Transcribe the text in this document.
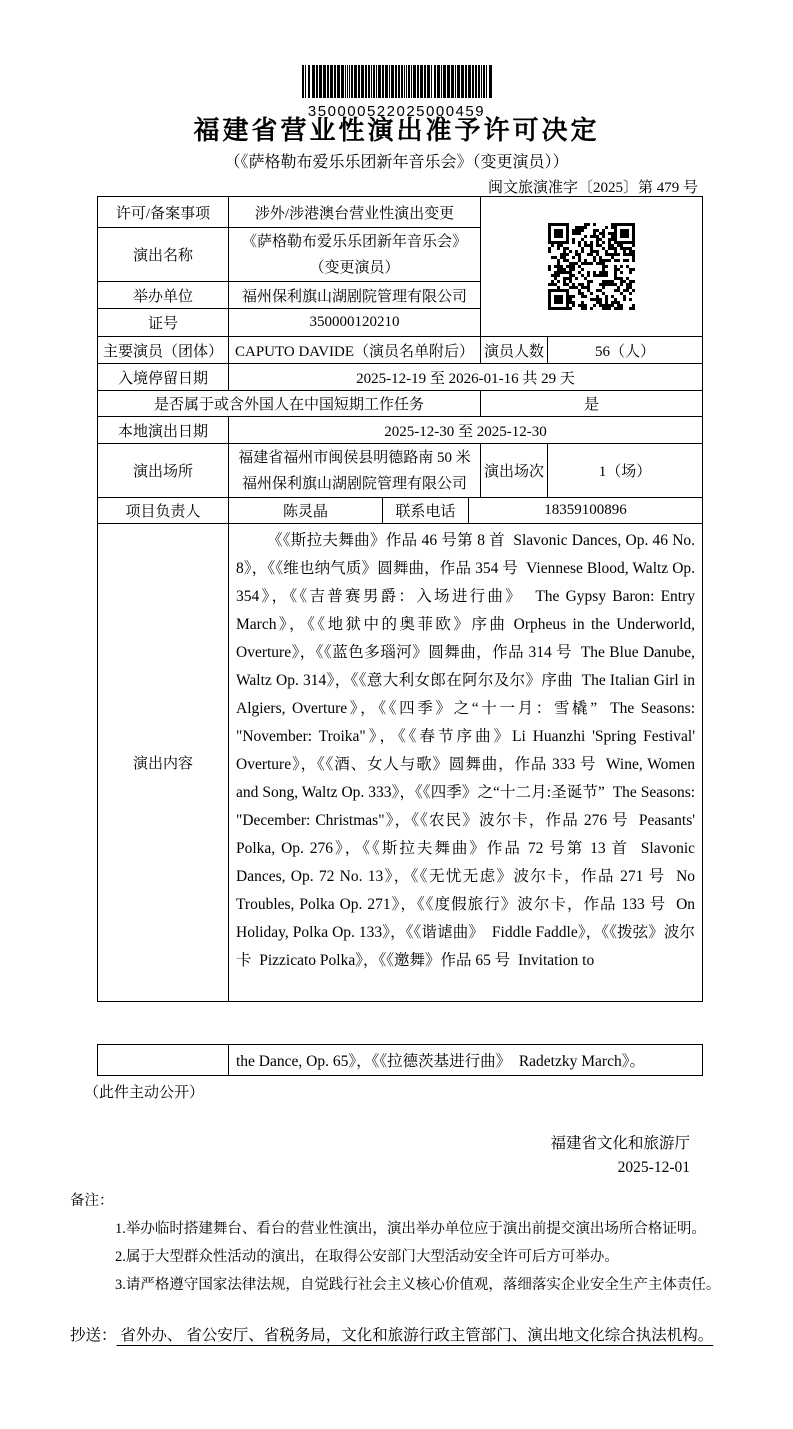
350000522025000459
福建省营业性演出准予许可决定
（《萨格勒布爱乐乐团新年音乐会》（变更演员））
闽文旅演准字〔2025〕第 479 号
许可/备案事项	涉外/涉港澳台营业性演出变更	
演出名称	《萨格勒布爱乐乐团新年音乐会》
（变更演员）				

举办单位	福州保利旗山湖剧院管理有限公司				
证号	350000120210				
主要演员（团体）	CAPUTO DAVIDE（演员名单附后）			演员人数	56（人）
入境停留日期	2025-12-19 至 2026-01-16 共 29 天				
是否属于或含外国人在中国短期工作任务				是	
本地演出日期	2025-12-30 至 2025-12-30				
演出场所	福建省福州市闽侯县明德路南 50 米
福州保利旗山湖剧院管理有限公司			演出场次	1（场）
项目负责人	陈灵晶	联系电话	18359100896		
演出内容	《《斯拉夫舞曲》作品 46 号第 8 首  Slavonic Dances, Op. 46 No. 8》，《《维也纳气质》圆舞曲，作品 354 号  Viennese Blood, Waltz Op. 354》，《《吉普赛男爵：入场进行曲》  The Gypsy Baron: Entry March》，《《地狱中的奥菲欧》序曲 Orpheus in the Underworld, Overture》，《《蓝色多瑙河》圆舞曲，作品 314 号  The Blue Danube, Waltz Op. 314》，《《意大利女郎在阿尔及尔》序曲  The Italian Girl in Algiers, Overture》，《《四季》之“十一月：雪橇”  The Seasons: "November: Troika"》，《《春节序曲》Li Huanzhi 'Spring Festival' Overture》，《《酒、女人与歌》圆舞曲，作品 333 号  Wine, Women and Song, Waltz Op. 333》，《《四季》之“十二月:圣诞节”  The Seasons: "December: Christmas"》，《《农民》波尔卡，作品 276 号  Peasants' Polka, Op. 276》，《《斯拉夫舞曲》作品 72 号第 13 首  Slavonic Dances, Op. 72 No. 13》，《《无忧无虑》波尔卡，作品 271 号  No Troubles, Polka Op. 271》，《《度假旅行》波尔卡，作品 133 号  On Holiday, Polka Op. 133》，《《谐谑曲》  Fiddle Faddle》，《《拨弦》波尔卡  Pizzicato Polka》，《《邀舞》作品 65 号  Invitation to				
	the Dance, Op. 65》，《《拉德茨基进行曲》  Radetzky March》。
（此件主动公开）
福建省文化和旅游厅
2025-12-01
备注：
1.举办临时搭建舞台、看台的营业性演出，演出举办单位应于演出前提交演出场所合格证明。
2.属于大型群众性活动的演出，在取得公安部门大型活动安全许可后方可举办。
3.请严格遵守国家法律法规，自觉践行社会主义核心价值观，落细落实企业安全生产主体责任。
抄送： 省外办、 省公安厅、省税务局，文化和旅游行政主管部门、演出地文化综合执法机构。
